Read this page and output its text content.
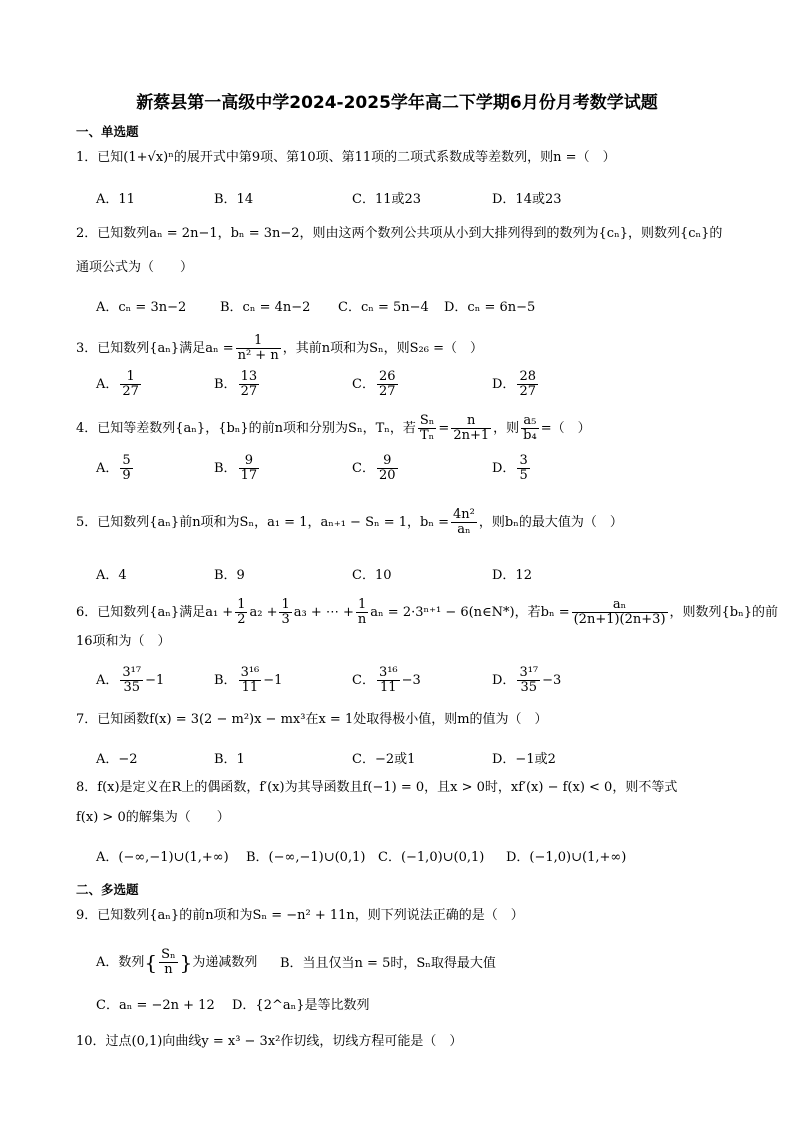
新蔡县第一高级中学2024-2025学年高二下学期6月份月考数学试题
一、单选题
1．已知(1+√x)ⁿ的展开式中第9项、第10项、第11项的二项式系数成等差数列，则n =（　）
A．11	B．14	C．11或23	D．14或23
2．已知数列aₙ = 2n−1，bₙ = 3n−2，则由这两个数列公共项从小到大排列得到的数列为{cₙ}，则数列{cₙ}的
通项公式为（　　）
A．cₙ = 3n−2	B．cₙ = 4n−2 C．cₙ = 5n−4 D．cₙ = 6n−5
3．已知数列{aₙ}满足$a_n = \frac{1}{\text{n² + n}}$ ，其前n项和为Sₙ，则S₂₆ =（　）
A． $\frac{1}{27}$	B． $\frac{13}{27}$	C． $\frac{26}{27}$	D． $\frac{28}{27}$
4．已知等差数列{aₙ}，{bₙ}的前n项和分别为Sₙ，Tₙ，若 $\frac{\text{Sₙ}}{\text{Tₙ}} = \frac{n}{2n+1}$ ，则 $\frac{\text{a₅}}{\text{b₄}}$ =（　）
A． $\frac{5}{9}$	B． $\frac{9}{17}$	C． $\frac{9}{20}$	D． $\frac{3}{5}$
5．已知数列{aₙ}前n项和为Sₙ，a₁ = 1，aₙ₊₁ − Sₙ = 1，$b_n = \frac{\text{4n²}}{\text{aₙ}}$ ，则bₙ的最大值为（　）
A．4	B．9	C．10	D．12
6．已知数列{aₙ}满足$a_1 + \frac{1}{2} a_2 + \frac{1}{3} a_3$ + ⋯ + $\frac{1}{n}$ aₙ = 2·3ⁿ⁺¹ − 6(n∈N*)，若$b_n = \frac{\text{aₙ}}{(2n+1)(2n+3)}$ ，则数列{bₙ}的前
16项和为（　）
A． $\frac{\text{3¹⁷}}{35} -1$	B． $\frac{\text{3¹⁶}}{11} -1$	C． $\frac{\text{3¹⁶}}{11} -3$	D． $\frac{\text{3¹⁷}}{35} -3$
7．已知函数f(x) = 3(2 − m²)x − mx³在x = 1处取得极小值，则m的值为（　）
A．−2	B．1	C．−2或1	D．−1或2
8．f(x)是定义在R上的偶函数，f′(x)为其导函数且f(−1) = 0，且x > 0时，xf′(x) − f(x) < 0，则不等式
f(x) > 0的解集为（　　）
A．(−∞,−1)∪(1,+∞) B．(−∞,−1)∪(0,1) C．(−1,0)∪(0,1) D．(−1,0)∪(1,+∞)
二、多选题
9．已知数列{aₙ}的前n项和为Sₙ = −n² + 11n，则下列说法正确的是（　）
A．数列{ $\frac{\text{Sₙ}}{n}$ }为递减数列 B．当且仅当n = 5时，Sₙ取得最大值
C．aₙ = −2n + 12 D．{2^aₙ}是等比数列
10．过点(0,1)向曲线y = x³ − 3x²作切线，切线方程可能是（　）
